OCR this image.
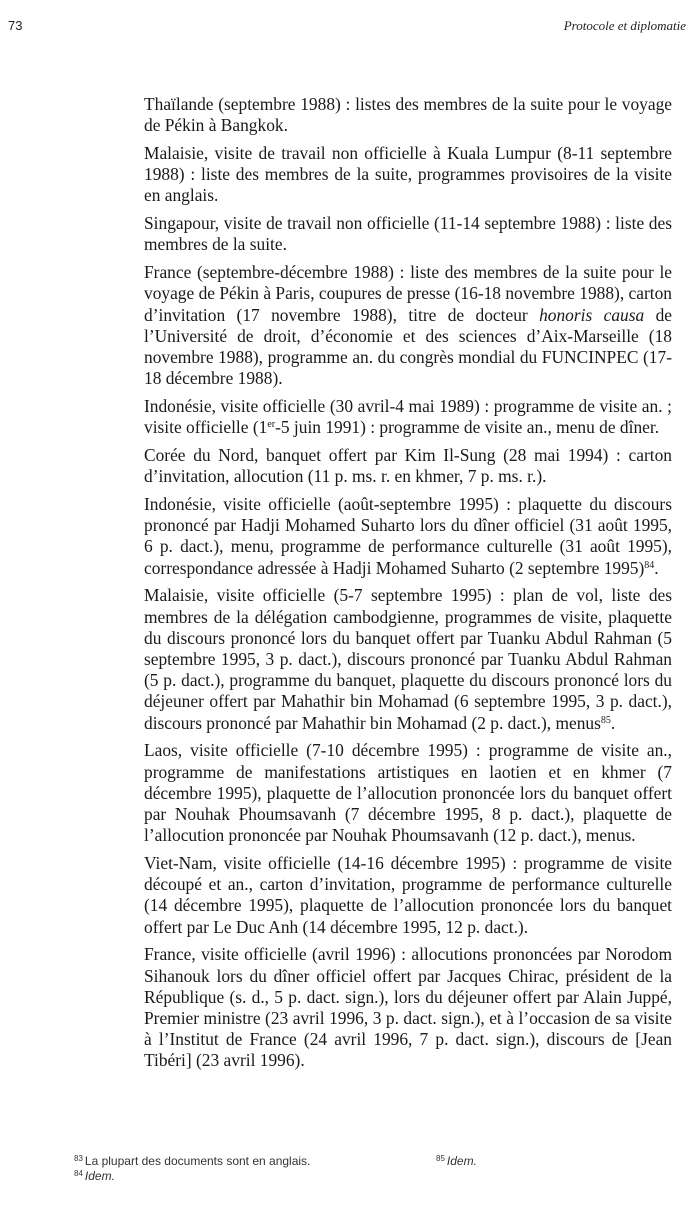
73	Protocole et diplomatie

Thaïlande (septembre 1988) : listes des membres de la suite pour le voyage de Pékin à Bangkok.

Malaisie, visite de travail non officielle à Kuala Lumpur (8-11 septembre 1988) : liste des membres de la suite, programmes provisoires de la visite en anglais.

Singapour, visite de travail non officielle (11-14 septembre 1988) : liste des membres de la suite.

France (septembre-décembre 1988) : liste des membres de la suite pour le voyage de Pékin à Paris, coupures de presse (16-18 novembre 1988), carton d’invitation (17 novembre 1988), titre de docteur honoris causa de l’Université de droit, d’économie et des sciences d’Aix-Marseille (18 novembre 1988), programme an. du congrès mondial du FUNCINPEC (17-18 décembre 1988).

Indonésie, visite officielle (30 avril-4 mai 1989) : programme de visite an. ; visite officielle (1er-5 juin 1991) : programme de visite an., menu de dîner.

Corée du Nord, banquet offert par Kim Il-Sung (28 mai 1994) : carton d’invitation, allocution (11 p. ms. r. en khmer, 7 p. ms. r.).

Indonésie, visite officielle (août-septembre 1995) : plaquette du discours prononcé par Hadji Mohamed Suharto lors du dîner officiel (31 août 1995, 6 p. dact.), menu, programme de performance culturelle (31 août 1995), correspondance adressée à Hadji Mohamed Suharto (2 septembre 1995)$^{84}$.

Malaisie, visite officielle (5-7 septembre 1995) : plan de vol, liste des membres de la délégation cambodgienne, programmes de visite, plaquette du discours prononcé lors du banquet offert par Tuanku Abdul Rahman (5 septembre 1995, 3 p. dact.), discours prononcé par Tuanku Abdul Rahman (5 p. dact.), programme du banquet, plaquette du discours prononcé lors du déjeuner offert par Mahathir bin Mohamad (6 septembre 1995, 3 p. dact.), discours prononcé par Mahathir bin Mohamad (2 p. dact.), menus$^{85}$.

Laos, visite officielle (7-10 décembre 1995) : programme de visite an., programme de manifestations artistiques en laotien et en khmer (7 décembre 1995), plaquette de l’allocution prononcée lors du banquet offert par Nouhak Phoumsavanh (7 décembre 1995, 8 p. dact.), plaquette de l’allocution prononcée par Nouhak Phoumsavanh (12 p. dact.), menus.

Viet-Nam, visite officielle (14-16 décembre 1995) : programme de visite découpé et an., carton d’invitation, programme de performance culturelle (14 décembre 1995), plaquette de l’allocution prononcée lors du banquet offert par Le Duc Anh (14 décembre 1995, 12 p. dact.).

France, visite officielle (avril 1996) : allocutions prononcées par Norodom Sihanouk lors du dîner officiel offert par Jacques Chirac, président de la République (s. d., 5 p. dact. sign.), lors du déjeuner offert par Alain Juppé, Premier ministre (23 avril 1996, 3 p. dact. sign.), et à l’occasion de sa visite à l’Institut de France (24 avril 1996, 7 p. dact. sign.), discours de [Jean Tibéri] (23 avril 1996).

$^{83}$ La plupart des documents sont en anglais.
$^{84}$ Idem.
$^{85}$ Idem.
